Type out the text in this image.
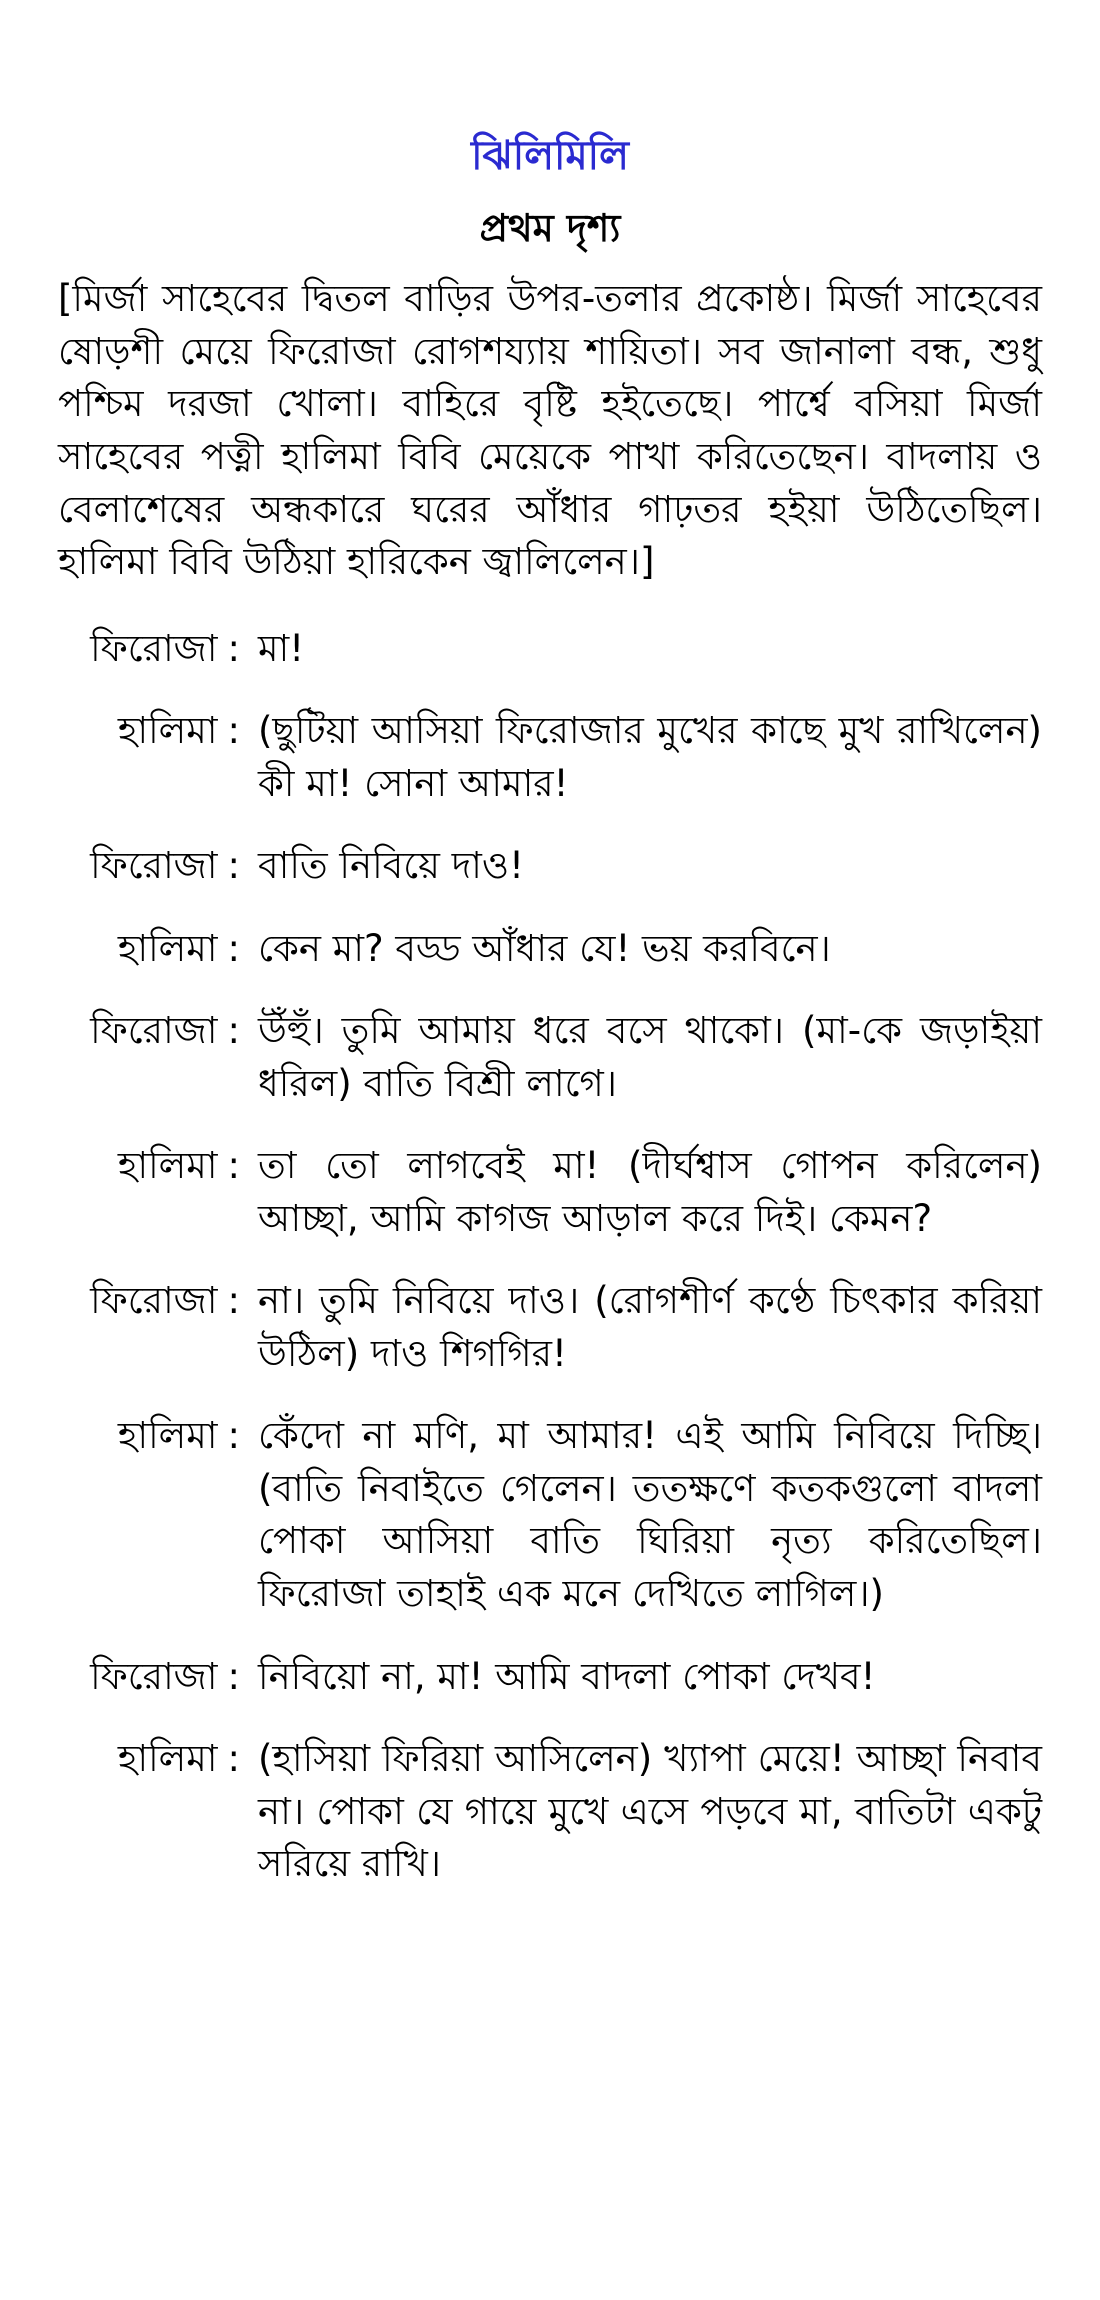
ঝিলিমিলি
প্রথম দৃশ্য
[মির্জা সাহেবের দ্বিতল বাড়ির উপর-তলার প্রকোষ্ঠ। মির্জা সাহেবের ষোড়শী মেয়ে ফিরোজা রোগশয্যায় শায়িতা। সব জানালা বন্ধ, শুধু পশ্চিম দরজা খোলা। বাহিরে বৃষ্টি হইতেছে। পার্শ্বে বসিয়া মির্জা সাহেবের পত্নী হালিমা বিবি মেয়েকে পাখা করিতেছেন। বাদলায় ও বেলাশেষের অন্ধকারে ঘরের আঁধার গাঢ়তর হইয়া উঠিতেছিল। হালিমা বিবি উঠিয়া হারিকেন জ্বালিলেন।]
ফিরোজা : মা!
হালিমা : (ছুটিয়া আসিয়া ফিরোজার মুখের কাছে মুখ রাখিলেন) কী মা! সোনা আমার!
ফিরোজা : বাতি নিবিয়ে দাও!
হালিমা : কেন মা? বড্ড আঁধার যে! ভয় করবিনে।
ফিরোজা : উঁহুঁ। তুমি আমায় ধরে বসে থাকো। (মা-কে জড়াইয়া ধরিল) বাতি বিশ্রী লাগে।
হালিমা : তা তো লাগবেই মা! (দীর্ঘশ্বাস গোপন করিলেন) আচ্ছা, আমি কাগজ আড়াল করে দিই। কেমন?
ফিরোজা : না। তুমি নিবিয়ে দাও। (রোগশীর্ণ কণ্ঠে চিৎকার করিয়া উঠিল) দাও শিগগির!
হালিমা : কেঁদো না মণি, মা আমার! এই আমি নিবিয়ে দিচ্ছি। (বাতি নিবাইতে গেলেন। ততক্ষণে কতকগুলো বাদলা পোকা আসিয়া বাতি ঘিরিয়া নৃত্য করিতেছিল। ফিরোজা তাহাই এক মনে দেখিতে লাগিল।)
ফিরোজা : নিবিয়ো না, মা! আমি বাদলা পোকা দেখব!
হালিমা : (হাসিয়া ফিরিয়া আসিলেন) খ্যাপা মেয়ে! আচ্ছা নিবাব না। পোকা যে গায়ে মুখে এসে পড়বে মা, বাতিটা একটু সরিয়ে রাখি।
